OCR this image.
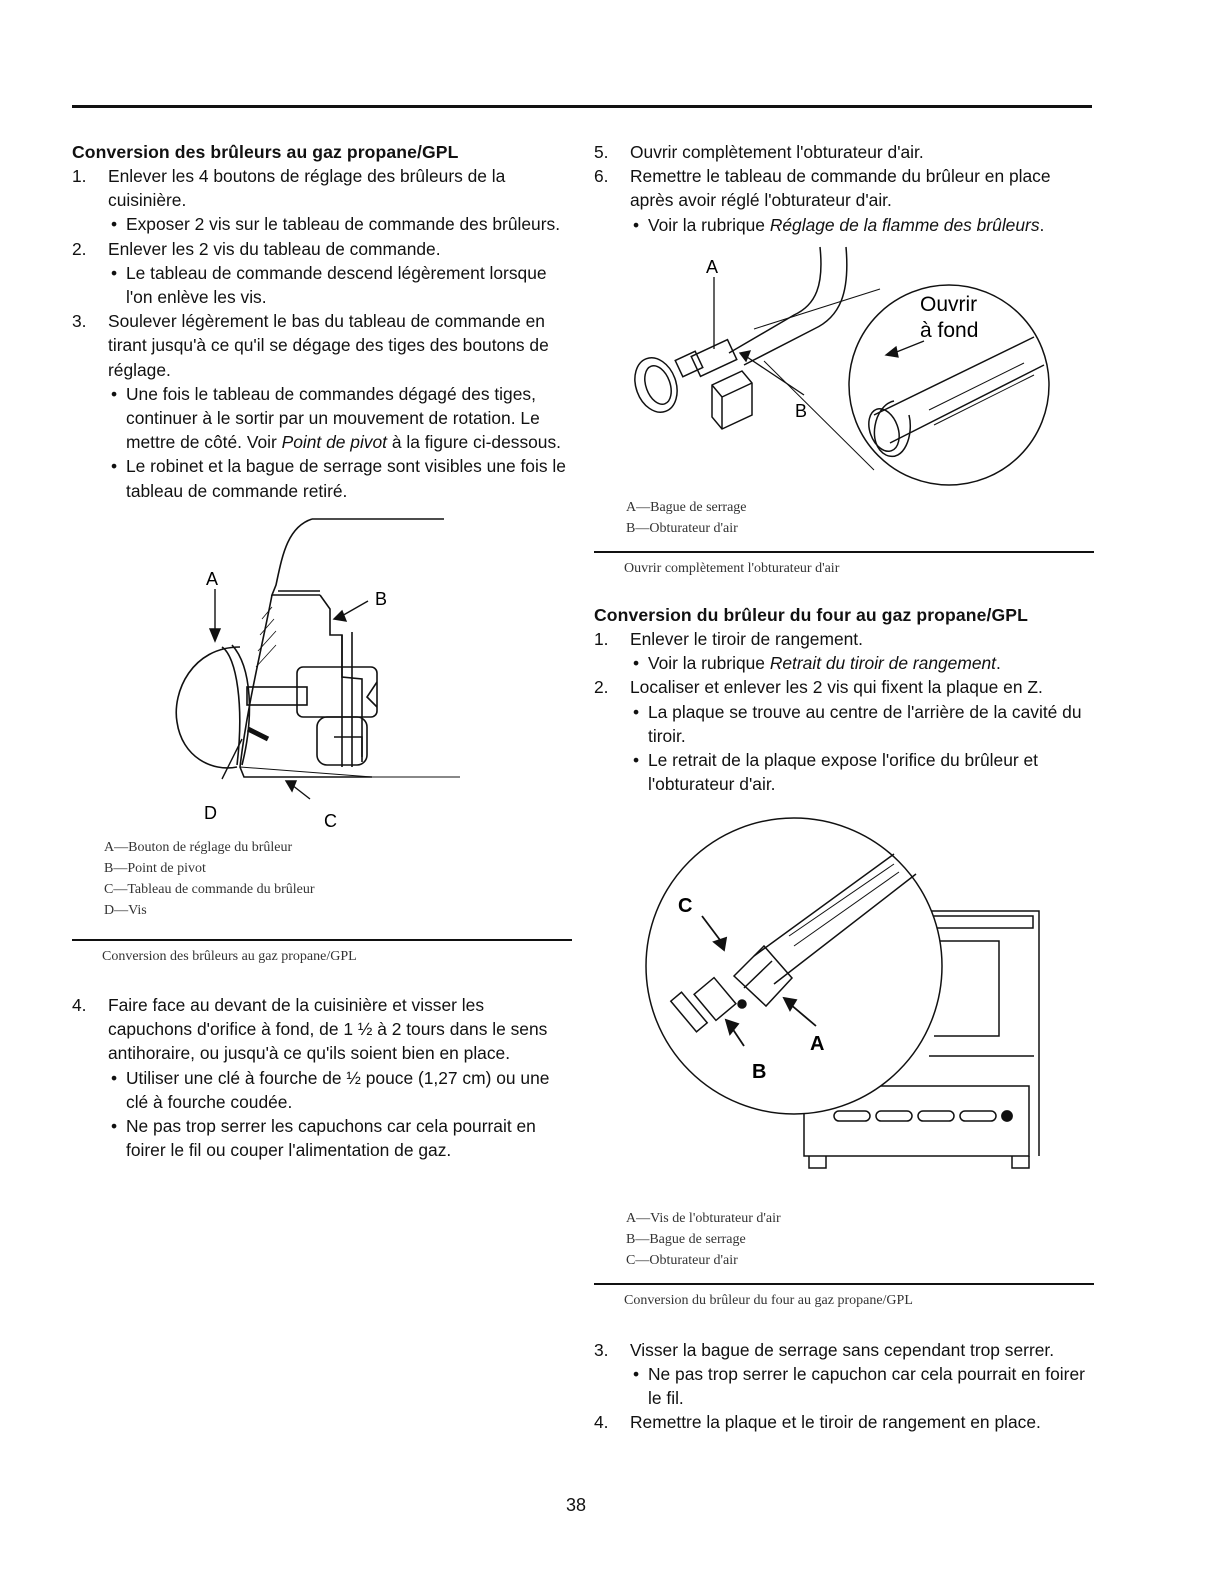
Conversion des brûleurs au gaz propane/GPL
1. Enlever les 4 boutons de réglage des brûleurs de la cuisinière.
• Exposer 2 vis sur le tableau de commande des brûleurs.
2. Enlever les 2 vis du tableau de commande.
• Le tableau de commande descend légèrement lorsque l'on enlève les vis.
3. Soulever légèrement le bas du tableau de commande en tirant jusqu'à ce qu'il se dégage des tiges des boutons de réglage.
• Une fois le tableau de commandes dégagé des tiges, continuer à le sortir par un mouvement de rotation. Le mettre de côté. Voir Point de pivot à la figure ci-dessous.
• Le robinet et la bague de serrage sont visibles une fois le tableau de commande retiré.
A
B
C
D
A—Bouton de réglage du brûleur
B—Point de pivot
C—Tableau de commande du brûleur
D—Vis
Conversion des brûleurs au gaz propane/GPL
4. Faire face au devant de la cuisinière et visser les capuchons d'orifice à fond, de 1 ½ à 2 tours dans le sens antihoraire, ou jusqu'à ce qu'ils soient bien en place.
• Utiliser une clé à fourche de ½ pouce (1,27 cm) ou une clé à fourche coudée.
• Ne pas trop serrer les capuchons car cela pourrait en foirer le fil ou couper l'alimentation de gaz.
5. Ouvrir complètement l'obturateur d'air.
6. Remettre le tableau de commande du brûleur en place après avoir réglé l'obturateur d'air.
• Voir la rubrique Réglage de la flamme des brûleurs.
A
B
Ouvrir
à fond
A—Bague de serrage
B—Obturateur d'air
Ouvrir complètement l'obturateur d'air
Conversion du brûleur du four au gaz propane/GPL
1. Enlever le tiroir de rangement.
• Voir la rubrique Retrait du tiroir de rangement.
2. Localiser et enlever les 2 vis qui fixent la plaque en Z.
• La plaque se trouve au centre de l'arrière de la cavité du tiroir.
• Le retrait de la plaque expose l'orifice du brûleur et l'obturateur d'air.
C
A
B
A—Vis de l'obturateur d'air
B—Bague de serrage
C—Obturateur d'air
Conversion du brûleur du four au gaz propane/GPL
3. Visser la bague de serrage sans cependant trop serrer.
• Ne pas trop serrer le capuchon car cela pourrait en foirer le fil.
4. Remettre la plaque et le tiroir de rangement en place.
38
